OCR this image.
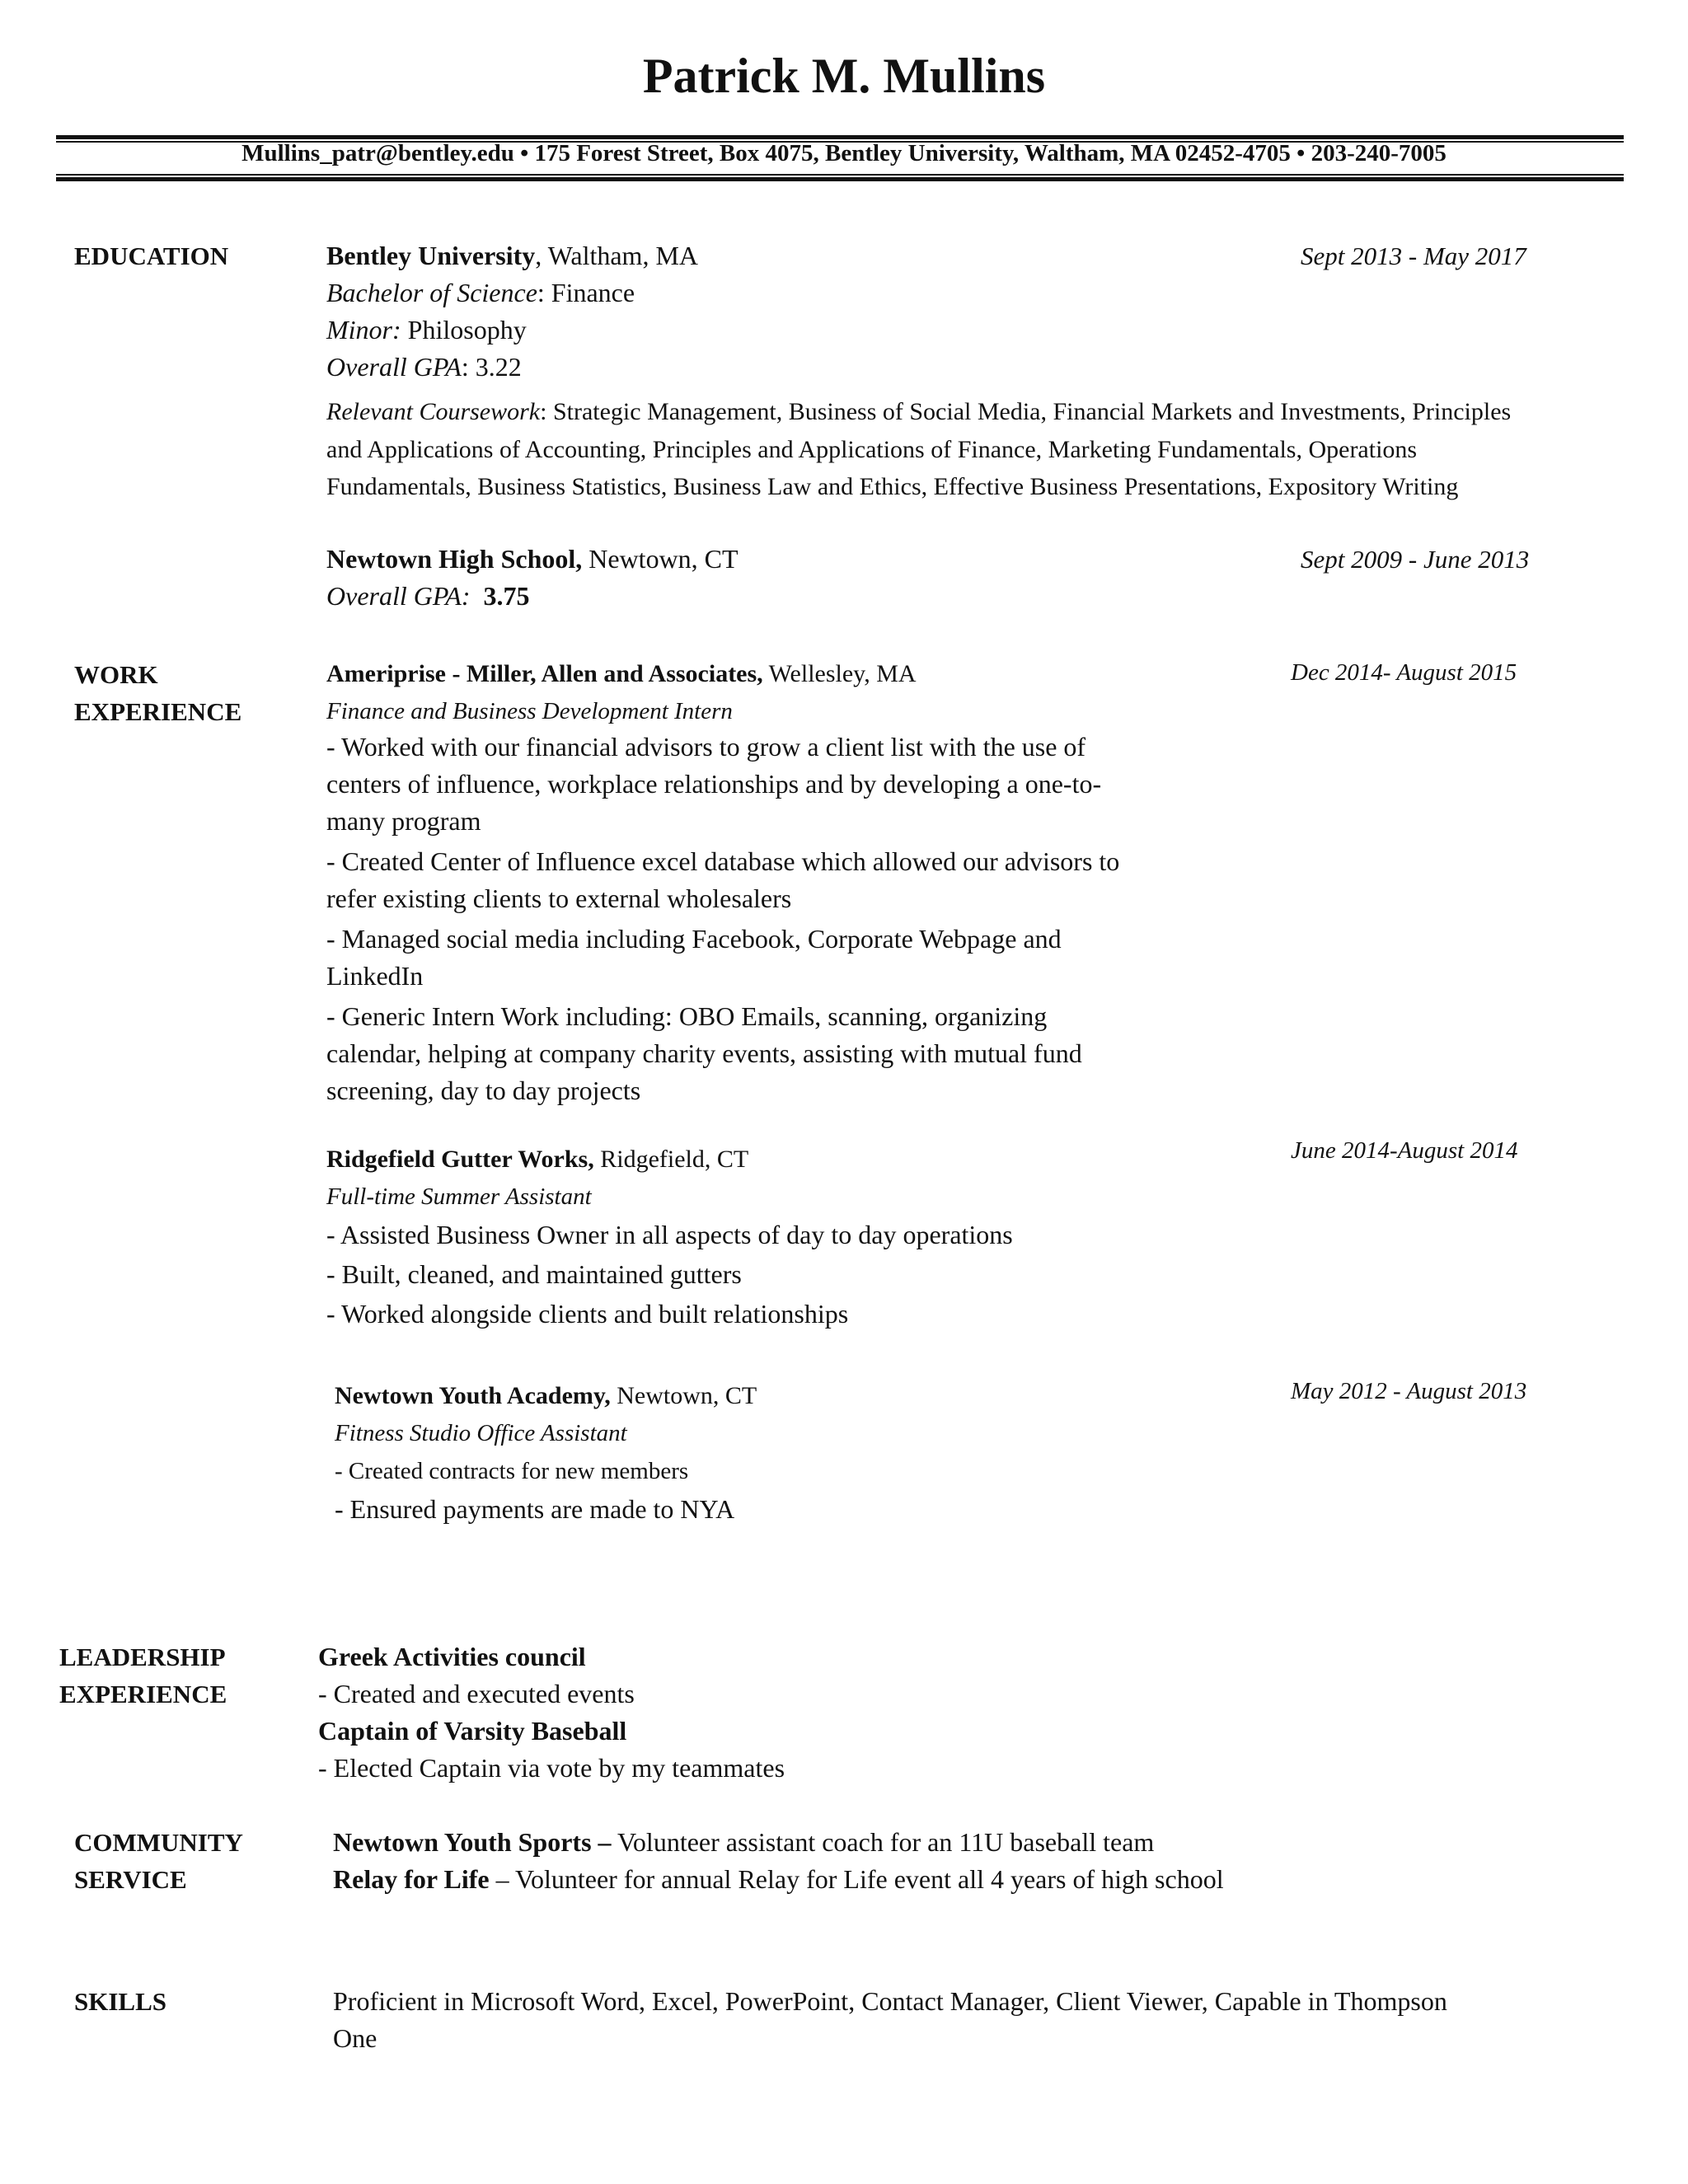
Patrick M. Mullins
Mullins_patr@bentley.edu • 175 Forest Street, Box 4075, Bentley University, Waltham, MA 02452-4705 • 203-240-7005
EDUCATION	Bentley University, Waltham, MA	Sept 2013 - May 2017
Bachelor of Science: Finance
Minor: Philosophy
Overall GPA: 3.22
Relevant Coursework: Strategic Management, Business of Social Media, Financial Markets and Investments, Principles
and Applications of Accounting, Principles and Applications of Finance, Marketing Fundamentals, Operations
Fundamentals, Business Statistics, Business Law and Ethics, Effective Business Presentations, Expository Writing
Newtown High School, Newtown, CT	Sept 2009 - June 2013
Overall GPA: 3.75
WORK
EXPERIENCE
Ameriprise - Miller, Allen and Associates, Wellesley, MA	Dec 2014- August 2015
Finance and Business Development Intern
- Worked with our financial advisors to grow a client list with the use of
centers of influence, workplace relationships and by developing a one-to-
many program
- Created Center of Influence excel database which allowed our advisors to
refer existing clients to external wholesalers
- Managed social media including Facebook, Corporate Webpage and
LinkedIn
- Generic Intern Work including: OBO Emails, scanning, organizing
calendar, helping at company charity events, assisting with mutual fund
screening, day to day projects
Ridgefield Gutter Works, Ridgefield, CT	June 2014-August 2014
Full-time Summer Assistant
- Assisted Business Owner in all aspects of day to day operations
- Built, cleaned, and maintained gutters
- Worked alongside clients and built relationships
Newtown Youth Academy, Newtown, CT	May 2012 - August 2013
Fitness Studio Office Assistant
- Created contracts for new members
- Ensured payments are made to NYA
LEADERSHIP
EXPERIENCE
Greek Activities council
- Created and executed events
Captain of Varsity Baseball
- Elected Captain via vote by my teammates
COMMUNITY
SERVICE
Newtown Youth Sports – Volunteer assistant coach for an 11U baseball team
Relay for Life – Volunteer for annual Relay for Life event all 4 years of high school
SKILLS	Proficient in Microsoft Word, Excel, PowerPoint, Contact Manager, Client Viewer, Capable in Thompson
One
